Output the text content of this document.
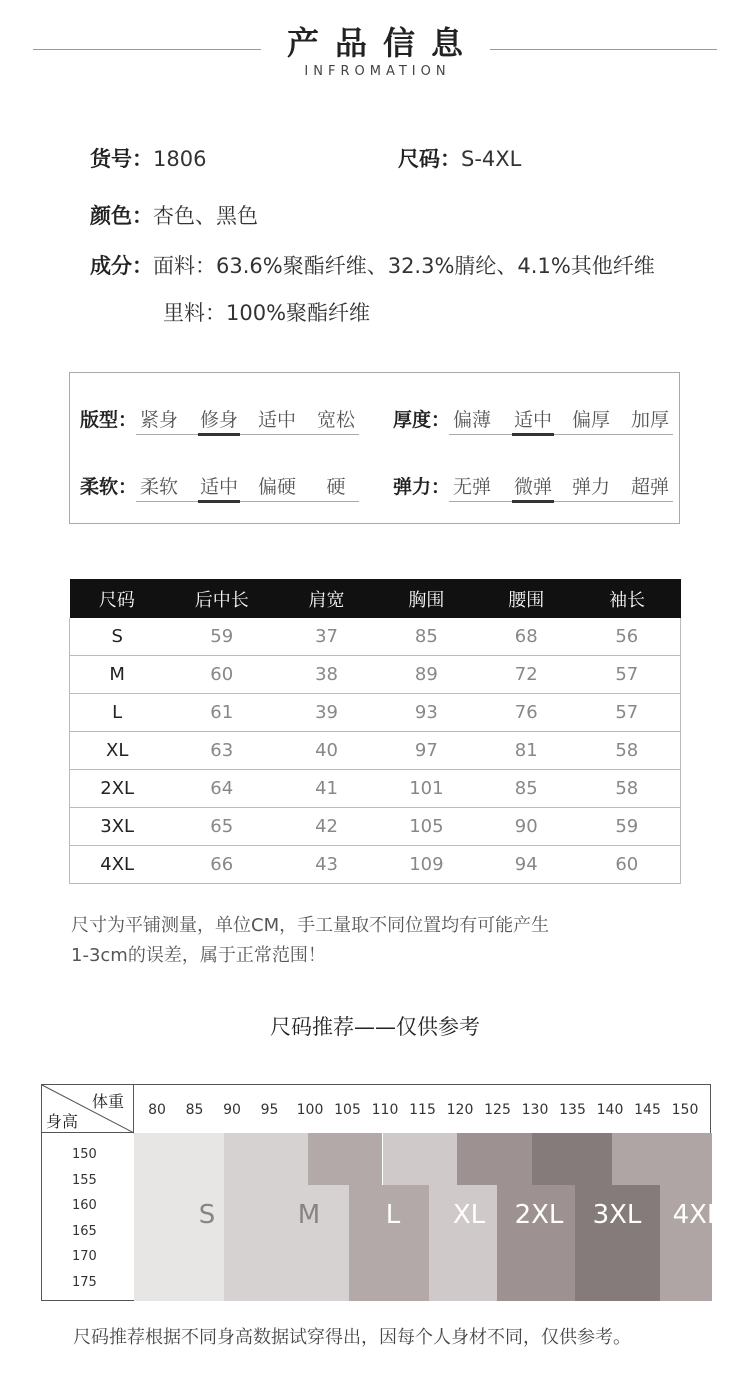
产品信息
INFROMATION
货号：1806	尺码：S-4XL
颜色：杏色、黑色
成分：面料：63.6%聚酯纤维、32.3%腈纶、4.1%其他纤维
里料：100%聚酯纤维
版型： 紧身 修身 适中 宽松 厚度： 偏薄 适中 偏厚 加厚
柔软： 柔软 适中 偏硬	硬	弹力： 无弹 微弹 弹力 超弹
尺码	后中长	肩宽	胸围	腰围	袖长
S	59	37	85	68	56
M	60	38	89	72	57
L	61	39	93	76	57
XL	63	40	97	81	58
2XL	64	41	101	85	58
3XL	65	42	105	90	59
4XL	66	43	109	94	60
尺寸为平铺测量，单位CM，手工量取不同位置均有可能产生
1-3cm的误差，属于正常范围！
尺码推荐——仅供参考
体重
身高
80	85	90	95	100 105 110 115 120 125 130 135 140 145 150
150
155
160
165
170
175
S	M	L	XL	2XL	3XL	4XL
尺码推荐根据不同身高数据试穿得出，因每个人身材不同，仅供参考。
